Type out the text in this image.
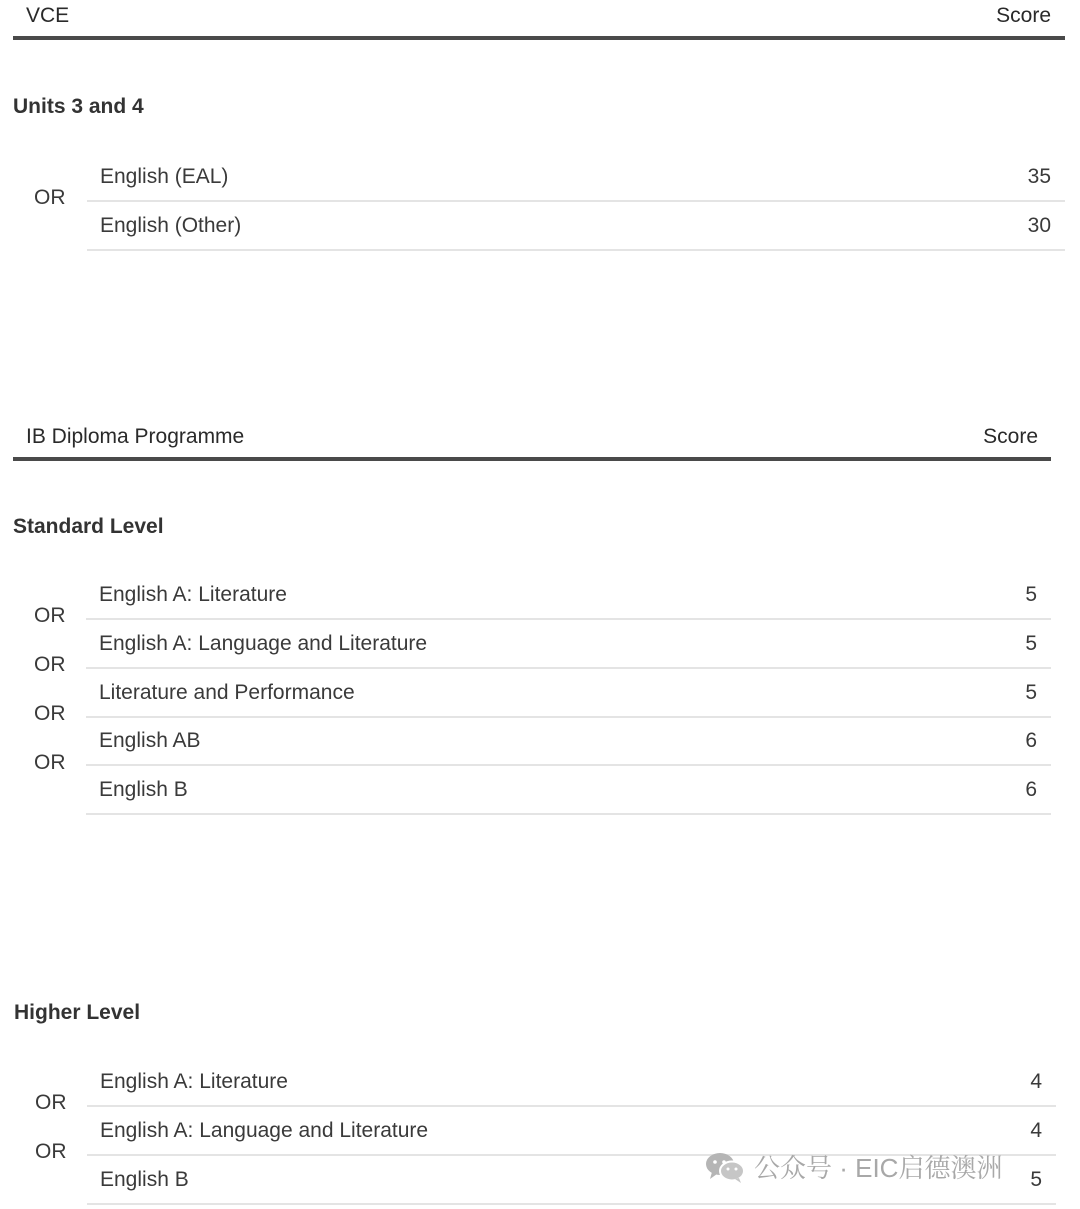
VCE	Score
Units 3 and 4
English (EAL)	35
English (Other)	30
OR
IB Diploma Programme	Score
Standard Level
English A: Literature	5
English A: Language and Literature	5
Literature and Performance	5
English AB	6
English B	6
OR
OR
OR
OR
Higher Level
English A: Literature	4
English A: Language and Literature	4
English B	5
OR
OR
公众号 · EIC启德澳洲
